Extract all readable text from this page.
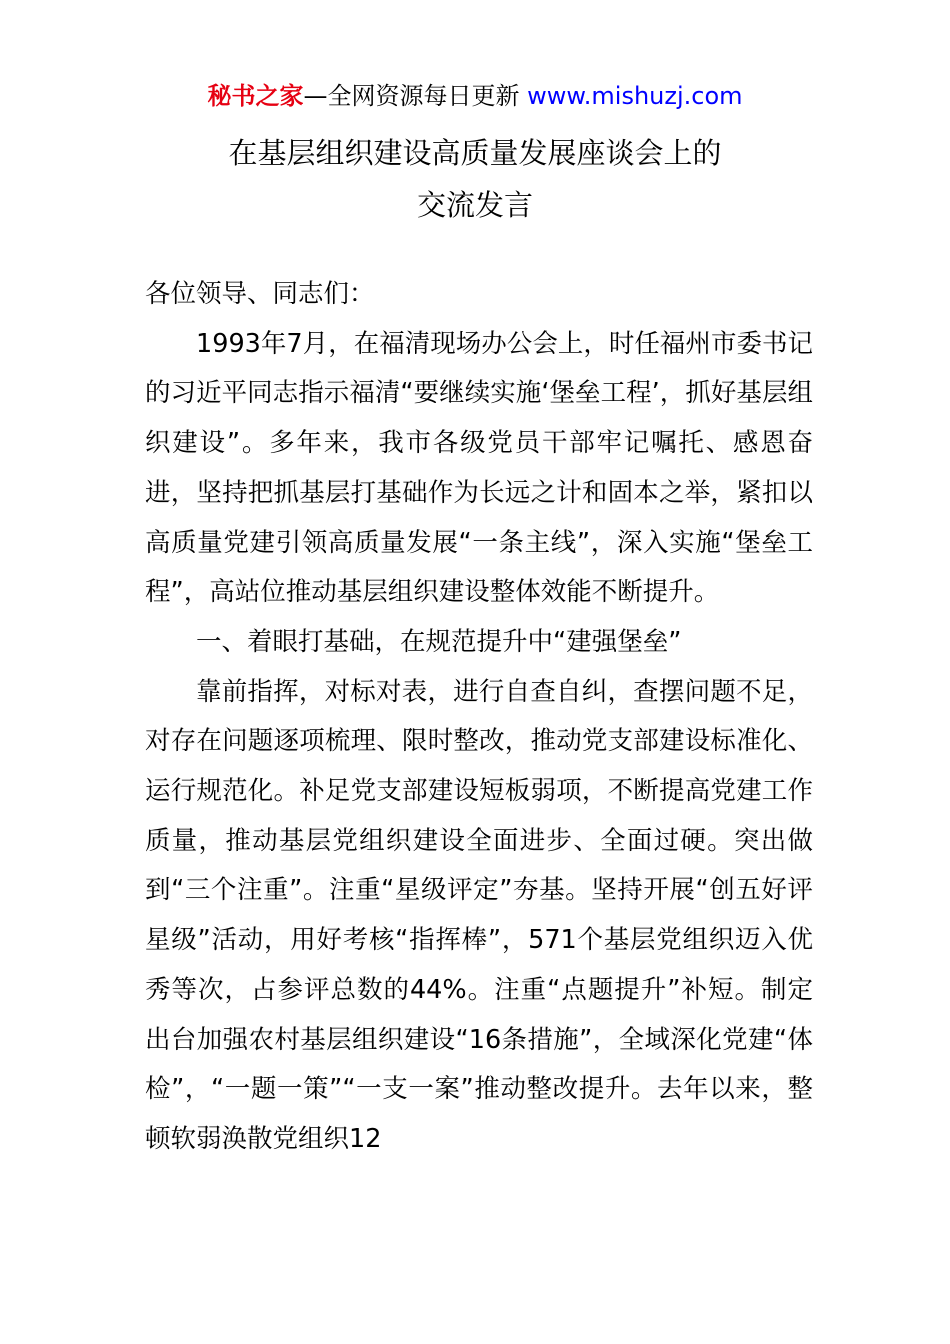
秘书之家—全网资源每日更新 www.mishuzj.com
在基层组织建设高质量发展座谈会上的
交流发言

各位领导、同志们：

1993年7月，在福清现场办公会上，时任福州市委书记的习近平同志指示福清“要继续实施‘堡垒工程’，抓好基层组织建设”。多年来，我市各级党员干部牢记嘱托、感恩奋进，坚持把抓基层打基础作为长远之计和固本之举，紧扣以高质量党建引领高质量发展“一条主线”，深入实施“堡垒工程”，高站位推动基层组织建设整体效能不断提升。

一、着眼打基础，在规范提升中“建强堡垒”

靠前指挥，对标对表，进行自查自纠，查摆问题不足，对存在问题逐项梳理、限时整改，推动党支部建设标准化、运行规范化。补足党支部建设短板弱项，不断提高党建工作质量，推动基层党组织建设全面进步、全面过硬。突出做到“三个注重”。注重“星级评定”夯基。坚持开展“创五好评星级”活动，用好考核“指挥棒”，571个基层党组织迈入优秀等次，占参评总数的44%。注重“点题提升”补短。制定出台加强农村基层组织建设“16条措施”，全域深化党建“体检”，“一题一策”“一支一案”推动整改提升。去年以来，整顿软弱涣散党组织12
